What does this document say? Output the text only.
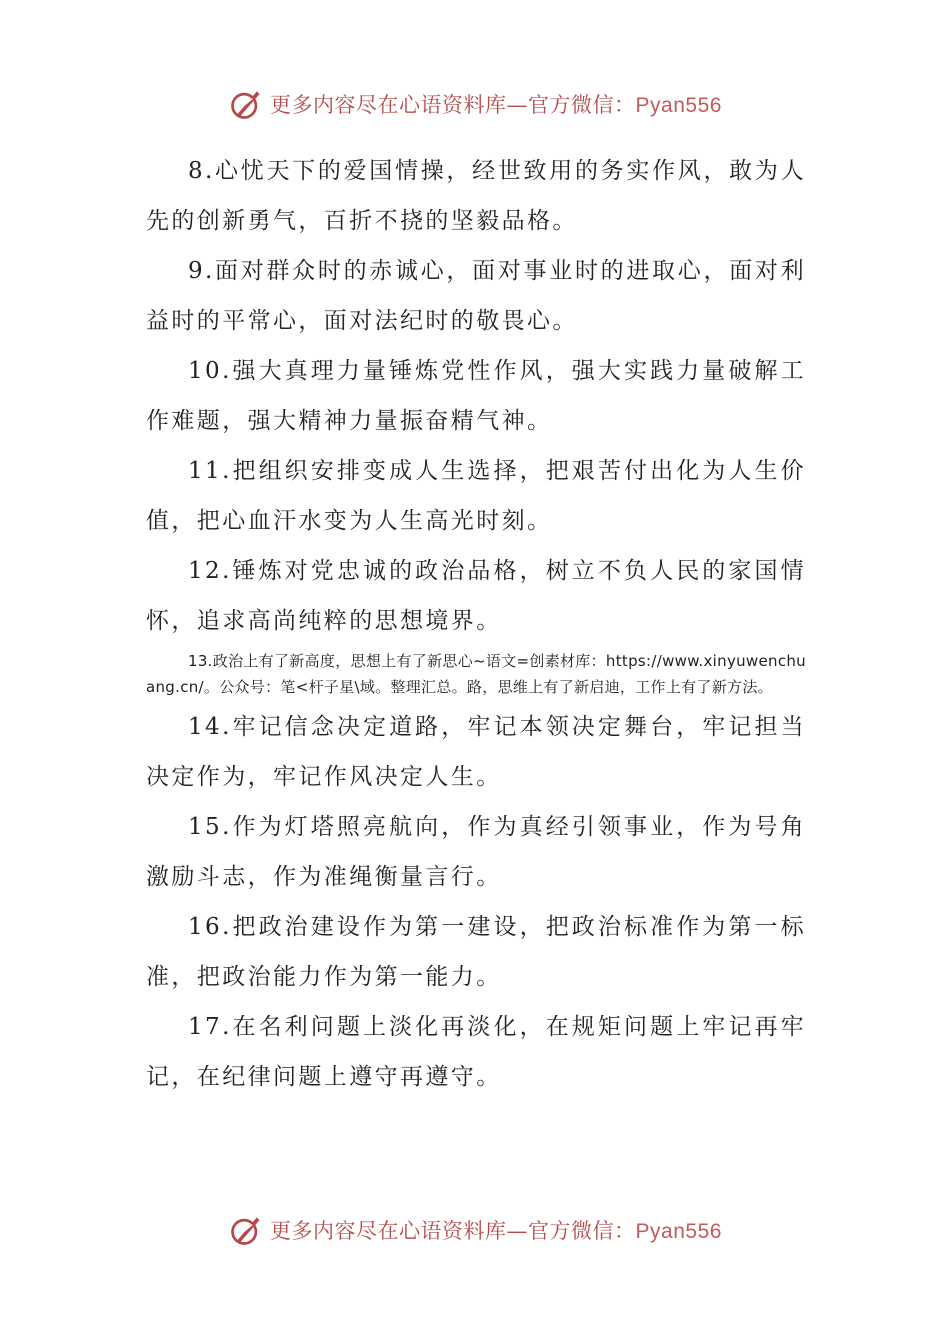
更多内容尽在心语资料库—官方微信：Pyan556

8.心忧天下的爱国情操，经世致用的务实作风，敢为人先的创新勇气，百折不挠的坚毅品格。

9.面对群众时的赤诚心，面对事业时的进取心，面对利益时的平常心，面对法纪时的敬畏心。

10.强大真理力量锤炼党性作风，强大实践力量破解工作难题，强大精神力量振奋精气神。

11.把组织安排变成人生选择，把艰苦付出化为人生价值，把心血汗水变为人生高光时刻。

12.锤炼对党忠诚的政治品格，树立不负人民的家国情怀，追求高尚纯粹的思想境界。

13.政治上有了新高度，思想上有了新思心~语文=创素材库：https://www.xinyuwenchuang.cn/。公众号：笔<杆子星\域。整理汇总。路，思维上有了新启迪，工作上有了新方法。

14.牢记信念决定道路，牢记本领决定舞台，牢记担当决定作为，牢记作风决定人生。

15.作为灯塔照亮航向，作为真经引领事业，作为号角激励斗志，作为准绳衡量言行。

16.把政治建设作为第一建设，把政治标准作为第一标准，把政治能力作为第一能力。

17.在名利问题上淡化再淡化，在规矩问题上牢记再牢记，在纪律问题上遵守再遵守。

更多内容尽在心语资料库—官方微信：Pyan556
